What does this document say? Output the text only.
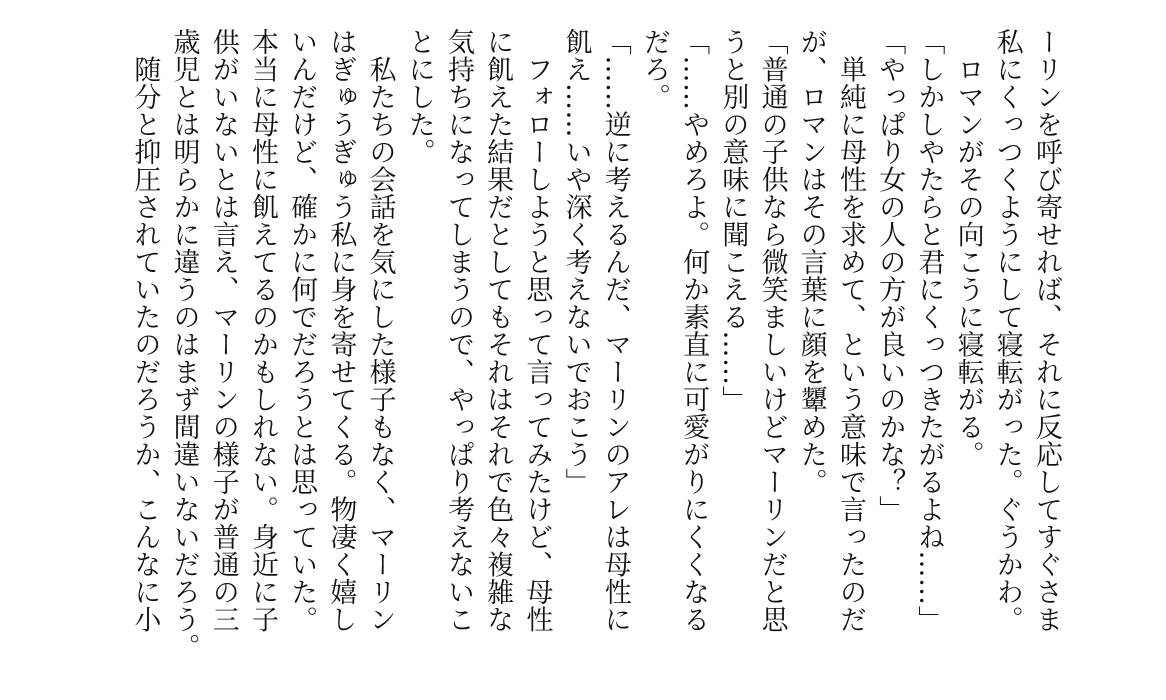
ーリンを呼び寄せれば、それに反応してすぐさま
私にくっつくようにして寝転がった。ぐうかわ。
　ロマンがその向こうに寝転がる。
「しかしやたらと君にくっつきたがるよね……」
「やっぱり女の人の方が良いのかな？」
　単純に母性を求めて、という意味で言ったのだ
が、ロマンはその言葉に顔を顰めた。
「普通の子供なら微笑ましいけどマーリンだと思
うと別の意味に聞こえる……」
「……やめろよ。何か素直に可愛がりにくくなる
だろ。
「……逆に考えるんだ、マーリンのアレは母性に
飢え……いや深く考えないでおこう」
　フォローしようと思って言ってみたけど、母性
に飢えた結果だとしてもそれはそれで色々複雑な
気持ちになってしまうので、やっぱり考えないこ
とにした。
　私たちの会話を気にした様子もなく、マーリン
はぎゅうぎゅう私に身を寄せてくる。物凄く嬉し
いんだけど、確かに何でだろうとは思っていた。
本当に母性に飢えてるのかもしれない。身近に子
供がいないとは言え、マーリンの様子が普通の三
歳児とは明らかに違うのはまず間違いないだろう。
　随分と抑圧されていたのだろうか、こんなに小
